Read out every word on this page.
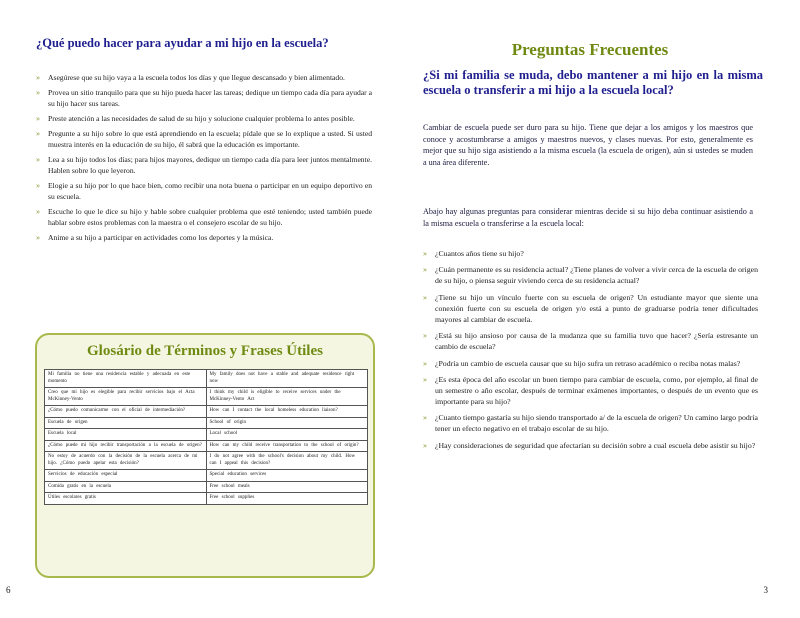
¿Qué puedo hacer para ayudar a mi hijo en la escuela?
» Asegúrese que su hijo vaya a la escuela todos los días y que llegue descansado y bien alimentado.
» Provea un sitio tranquilo para que su hijo pueda hacer las tareas; dedique un tiempo cada día para ayudar a su hijo hacer sus tareas.
» Preste atención a las necesidades de salud de su hijo y solucione cualquier problema lo antes posible.
» Pregunte a su hijo sobre lo que está aprendiendo en la escuela; pídale que se lo explique a usted. Si usted muestra interés en la educación de su hijo, él sabrá que la educación es importante.
» Lea a su hijo todos los días; para hijos mayores, dedique un tiempo cada día para leer juntos mentalmente. Hablen sobre lo que leyeron.
» Elogie a su hijo por lo que hace bien, como recibir una nota buena o participar en un equipo deportivo en su escuela.
» Escuche lo que le dice su hijo y hable sobre cualquier problema que esté teniendo; usted también puede hablar sobre estos problemas con la maestra o el consejero escolar de su hijo.
» Anime a su hijo a participar en actividades como los deportes y la música.
Glosário de Términos y Frases Útiles
Mi familia no tiene una residencia estable y adecuada en este momento	My family does not have a stable and adequate residence right now
Creo que mi hijo es elegible para recibir servicios bajo el Acta McKinney-Vento	I think my child is eligible to receive services under the McKinney-Vento Act
¿Cómo puedo comunicarme con el oficial de intermediación?	How can I contact the local homeless education liaison?
Escuela de origen	School of origin
Escuela local	Local school
¿Cómo puede mi hijo recibir transportación a la escuela de origen?	How can my child receive transportation to the school of origin?
No estoy de acuerdo con la decisión de la escuela acerca de mi hijo. ¿Cómo puedo apelar esta decisión?	I do not agree with the school's decision about my child. How can I appeal this decision?
Servicios de educación especial	Special education services
Comida gratis en la escuela	Free school meals
Útiles escolares gratis	Free school supplies
6
Preguntas Frecuentes
¿Si mi familia se muda, debo mantener a mi hijo en la misma escuela o transferir a mi hijo a la escuela local?
Cambiar de escuela puede ser duro para su hijo. Tiene que dejar a los amigos y los maestros que conoce y acostumbrarse a amigos y maestros nuevos, y clases nuevas. Por esto, generalmente es mejor que su hijo siga asistiendo a la misma escuela (la escuela de origen), aún si ustedes se muden a una área diferente.
Abajo hay algunas preguntas para considerar mientras decide si su hijo deba continuar asistiendo a la misma escuela o transferirse a la escuela local:
» ¿Cuantos años tiene su hijo?
» ¿Cuán permanente es su residencia actual? ¿Tiene planes de volver a vivir cerca de la escuela de origen de su hijo, o piensa seguir viviendo cerca de su residencia actual?
» ¿Tiene su hijo un vínculo fuerte con su escuela de origen? Un estudiante mayor que siente una conexión fuerte con su escuela de origen y/o está a punto de graduarse podría tener dificultades mayores al cambiar de escuela.
» ¿Está su hijo ansioso por causa de la mudanza que su familia tuvo que hacer? ¿Sería estresante un cambio de escuela?
» ¿Podría un cambio de escuela causar que su hijo sufra un retraso académico o reciba notas malas?
» ¿Es esta época del año escolar un buen tiempo para cambiar de escuela, como, por ejemplo, al final de un semestre o año escolar, después de terminar exámenes importantes, o después de un evento que es importante para su hijo?
» ¿Cuanto tiempo gastaría su hijo siendo transportado a/ de la escuela de origen? Un camino largo podría tener un efecto negativo en el trabajo escolar de su hijo.
» ¿Hay consideraciones de seguridad que afectarían su decisión sobre a cual escuela debe asistir su hijo?
3
